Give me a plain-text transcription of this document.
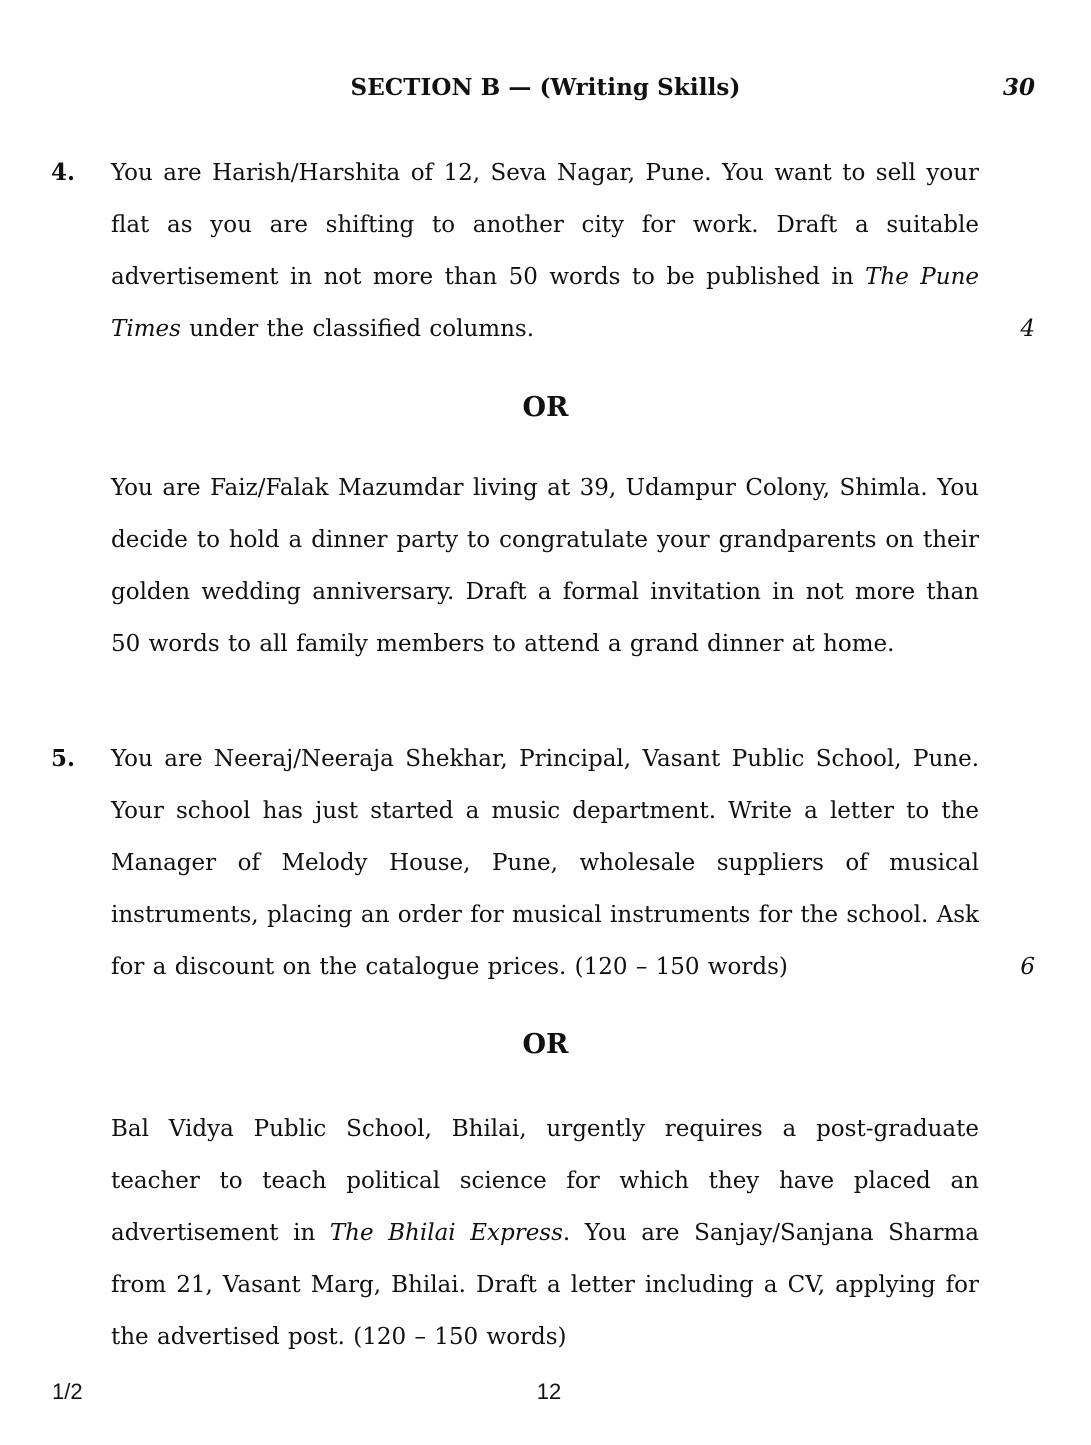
SECTION B — (Writing Skills)	30
4. You are Harish/Harshita of 12, Seva Nagar, Pune. You want to sell your flat as you are shifting to another city for work. Draft a suitable advertisement in not more than 50 words to be published in The Pune Times under the classified columns.	4
OR
You are Faiz/Falak Mazumdar living at 39, Udampur Colony, Shimla. You decide to hold a dinner party to congratulate your grandparents on their golden wedding anniversary. Draft a formal invitation in not more than 50 words to all family members to attend a grand dinner at home.
5. You are Neeraj/Neeraja Shekhar, Principal, Vasant Public School, Pune. Your school has just started a music department. Write a letter to the Manager of Melody House, Pune, wholesale suppliers of musical instruments, placing an order for musical instruments for the school. Ask for a discount on the catalogue prices. (120 – 150 words)	6
OR
Bal Vidya Public School, Bhilai, urgently requires a post-graduate teacher to teach political science for which they have placed an advertisement in The Bhilai Express. You are Sanjay/Sanjana Sharma from 21, Vasant Marg, Bhilai. Draft a letter including a CV, applying for the advertised post. (120 – 150 words)
1/2	12
